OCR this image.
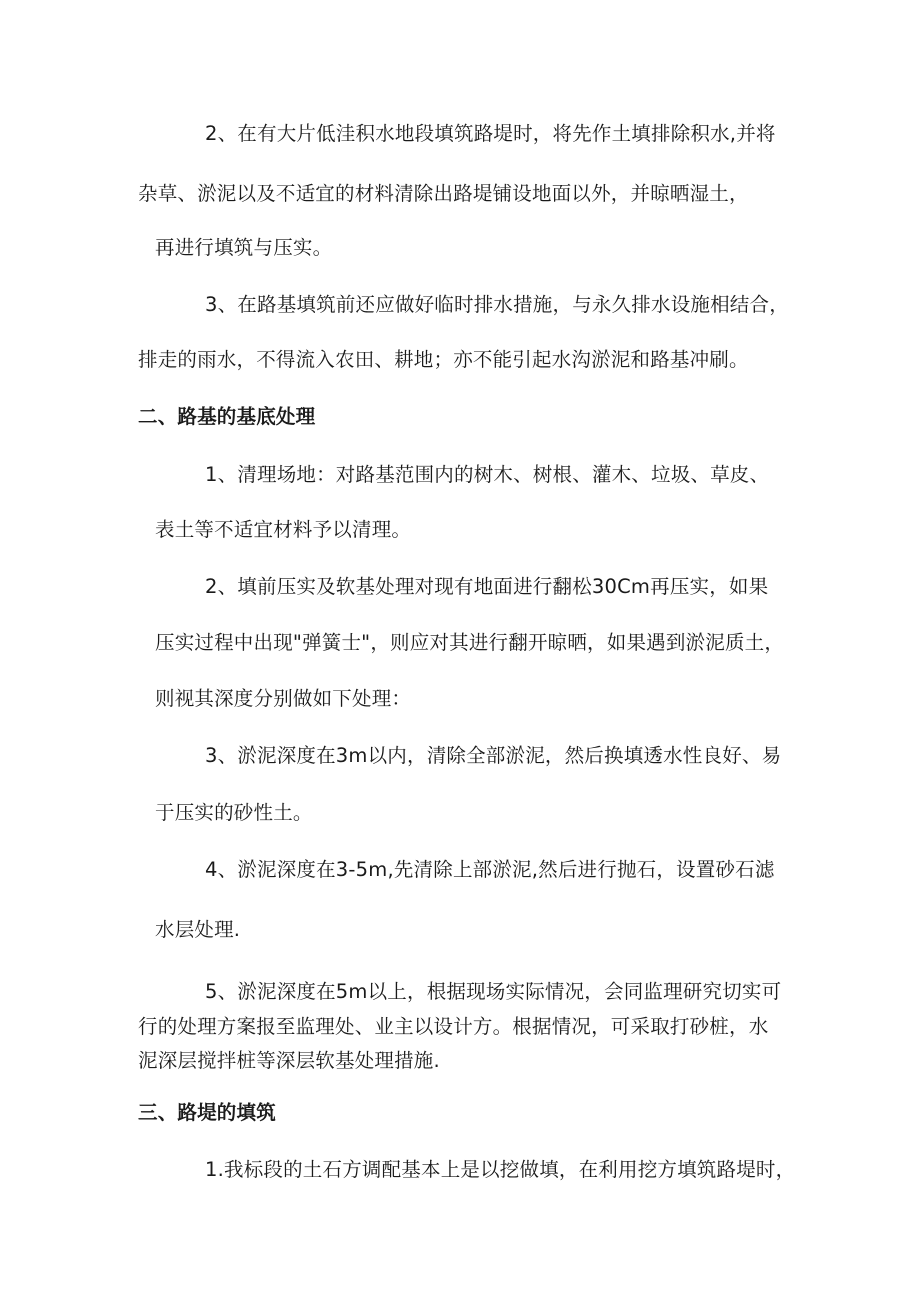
2、在有大片低洼积水地段填筑路堤时，将先作土填排除积水,并将
杂草、淤泥以及不适宜的材料清除出路堤铺设地面以外，并晾晒湿土，
再进行填筑与压实。
3、在路基填筑前还应做好临时排水措施，与永久排水设施相结合，
排走的雨水，不得流入农田、耕地；亦不能引起水沟淤泥和路基冲刷。
二、路基的基底处理
1、清理场地：对路基范围内的树木、树根、灌木、垃圾、草皮、
表土等不适宜材料予以清理。
2、填前压实及软基处理对现有地面进行翻松30Cm再压实，如果
压实过程中出现"弹簧士"，则应对其进行翻开晾晒，如果遇到淤泥质土，
则视其深度分别做如下处理：
3、淤泥深度在3m以内，清除全部淤泥，然后换填透水性良好、易
于压实的砂性土。
4、淤泥深度在3-5m,先清除上部淤泥,然后进行抛石，设置砂石滤
水层处理.
5、淤泥深度在5m以上，根据现场实际情况，会同监理研究切实可
行的处理方案报至监理处、业主以设计方。根据情况，可采取打砂桩，水
泥深层搅拌桩等深层软基处理措施.
三、路堤的填筑
1.我标段的土石方调配基本上是以挖做填，在利用挖方填筑路堤时，
